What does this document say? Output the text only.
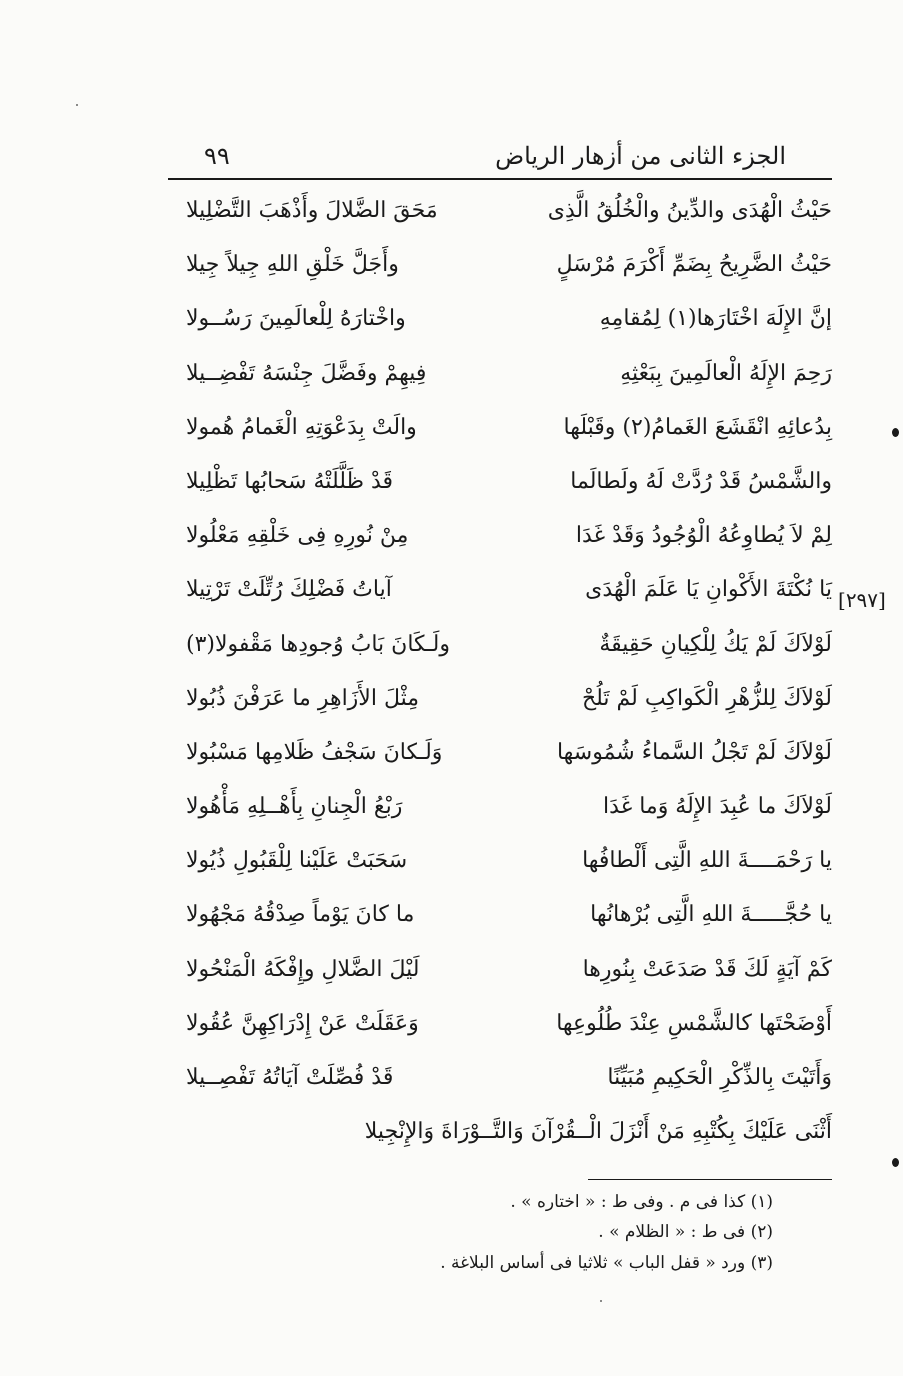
الجزء الثانى من أزهار الرياض
٩٩
حَيْثُ الْهُدَى والدِّينُ والْخُلُقُ الَّذِى
مَحَقَ الضَّلالَ وأَذْهَبَ التَّضْلِيلا
حَيْثُ الضَّرِيحُ بِضَمِّ أَكْرَمَ مُرْسَلٍ
وأَجَلَّ خَلْقِ اللهِ جِيلاً جِيلا
إنَّ الإِلَهَ اخْتَارَها(١) لِمُقامِهِ
واخْتارَهُ لِلْعالَمِينَ رَسُــولا
رَحِمَ الإِلَهُ الْعالَمِينَ بِبَعْثِهِ
فِيهِمْ وفَضَّلَ جِنْسَهُ تَفْضِــيلا
بِدُعائِهِ انْقَشَعَ الغَمامُ(٢) وقَبْلَها
والَتْ بِدَعْوَتِهِ الْغَمامُ هُمولا
والشَّمْسُ قَدْ رُدَّتْ لَهُ ولَطالَما
قَدْ ظَلَّلَتْهُ سَحابُها تَظْلِيلا
لِمْ لاَ يُطاوِعُهُ الْوُجُودُ وَقَدْ غَدَا
مِنْ نُورِهِ فِى خَلْقِهِ مَعْلُولا
يَا نُكْتَةَ الأَكْوانِ يَا عَلَمَ الْهُدَى
آياتُ فَضْلِكَ رُتِّلَتْ تَرْتِيلا
لَوْلاَكَ لَمْ يَكُ لِلْكِيانِ حَقِيقَةٌ
ولَـكَانَ بَابُ وُجودِها مَقْفولا(٣)
لَوْلاَكَ لِلزُّهْرِ الْكَواكِبِ لَمْ تَلُحْ
مِثْلَ الأَزَاهِرِ ما عَرَفْنَ ذُبُولا
لَوْلاَكَ لَمْ تَجْلُ السَّماءُ شُمُوسَها
وَلَـكانَ سَجْفُ ظَلامِها مَسْبُولا
لَوْلاَكَ ما عُبِدَ الإِلَهُ وَما غَدَا
رَبْعُ الْجِنانِ بِأَهْــلِهِ مَأْهُولا
يا رَحْمَــــةَ اللهِ الَّتِى أَلْطافُها
سَحَبَتْ عَلَيْنا لِلْقَبُولِ ذُيُولا
يا حُجَّـــــةَ اللهِ الَّتِى بُرْهانُها
ما كانَ يَوْماً صِدْقُهُ مَجْهُولا
كَمْ آيَةٍ لَكَ قَدْ صَدَعَتْ بِنُورِها
لَيْلَ الضَّلالِ وإِفْكَهُ الْمَنْحُولا
أَوْضَحْتَها كالشَّمْسِ عِنْدَ طُلُوعِها
وَعَقَلَتْ عَنْ إِدْرَاكِهِنَّ عُقُولا
وَأَتَيْتَ بِالذِّكْرِ الْحَكِيمِ مُبَيِّنًا
قَدْ فُصِّلَتْ آيَاتُهُ تَفْصِــيلا
أَثْنَى عَلَيْكَ بِكُتْبِهِ مَنْ أَنْزَلَ الْــقُرْآنَ وَالتَّــوْرَاةَ وَالإِنْجِيلا
[٢٩٧]
(١) كذا فى م . وفى ط : « اختاره » .
(٢) فى ط : « الظلام » .
(٣) ورد « قفل الباب » ثلاثيا فى أساس البلاغة .
